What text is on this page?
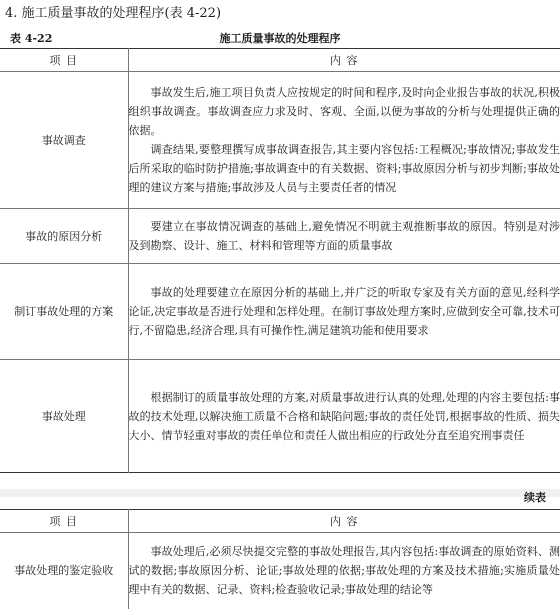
4. 施工质量事故的处理程序(表 4-22)
表 4-22	施工质量事故的处理程序
项 目	内 容
事故调查	事故发生后,施工项目负责人应按规定的时间和程序,及时向企业报告事故的状况,积极组织事故调查。事故调查应力求及时、客观、全面,以便为事故的分析与处理提供正确的依据。

调查结果,要整理撰写成事故调查报告,其主要内容包括:工程概况;事故情况;事故发生后所采取的临时防护措施;事故调查中的有关数据、资料;事故原因分析与初步判断;事故处理的建议方案与措施;事故涉及人员与主要责任者的情况

事故的原因分析	要建立在事故情况调查的基础上,避免情况不明就主观推断事故的原因。特别是对涉及到勘察、设计、施工、材料和管理等方面的质量事故

制订事故处理的方案	事故的处理要建立在原因分析的基础上,并广泛的听取专家及有关方面的意见,经科学论证,决定事故是否进行处理和怎样处理。在制订事故处理方案时,应做到安全可靠,技术可行,不留隐患,经济合理,具有可操作性,满足建筑功能和使用要求

事故处理	根据制订的质量事故处理的方案,对质量事故进行认真的处理,处理的内容主要包括:事故的技术处理,以解决施工质量不合格和缺陷问题;事故的责任处罚,根据事故的性质、损失大小、情节轻重对事故的责任单位和责任人做出相应的行政处分直至追究刑事责任

续表
项 目	内 容
事故处理的鉴定验收	事故处理后,必须尽快提交完整的事故处理报告,其内容包括:事故调查的原始资料、测试的数据;事故原因分析、论证;事故处理的依据;事故处理的方案及技术措施;实施质量处理中有关的数据、记录、资料;检查验收记录;事故处理的结论等
